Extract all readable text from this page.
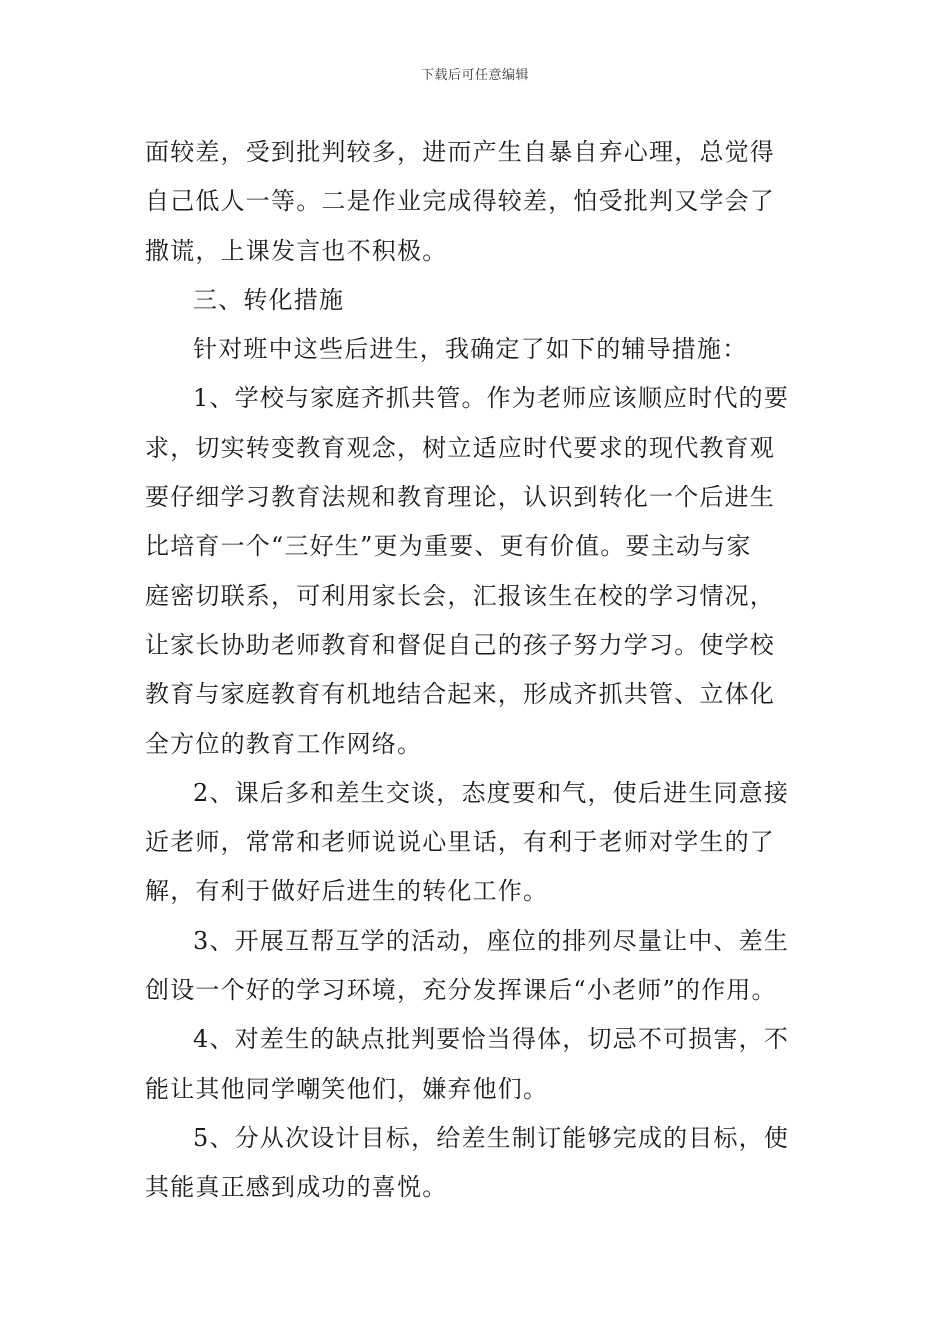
下载后可任意编辑
面较差，受到批判较多，进而产生自暴自弃心理，总觉得
自己低人一等。二是作业完成得较差，怕受批判又学会了
撒谎，上课发言也不积极。
三、转化措施
针对班中这些后进生，我确定了如下的辅导措施：
1、学校与家庭齐抓共管。作为老师应该顺应时代的要
求，切实转变教育观念，树立适应时代要求的现代教育观
要仔细学习教育法规和教育理论，认识到转化一个后进生
比培育一个“三好生”更为重要、更有价值。要主动与家
庭密切联系，可利用家长会，汇报该生在校的学习情况，
让家长协助老师教育和督促自己的孩子努力学习。使学校
教育与家庭教育有机地结合起来，形成齐抓共管、立体化
全方位的教育工作网络。
2、课后多和差生交谈，态度要和气，使后进生同意接
近老师，常常和老师说说心里话，有利于老师对学生的了
解，有利于做好后进生的转化工作。
3、开展互帮互学的活动，座位的排列尽量让中、差生
创设一个好的学习环境，充分发挥课后“小老师”的作用。
4、对差生的缺点批判要恰当得体，切忌不可损害，不
能让其他同学嘲笑他们，嫌弃他们。
5、分从次设计目标，给差生制订能够完成的目标，使
其能真正感到成功的喜悦。
